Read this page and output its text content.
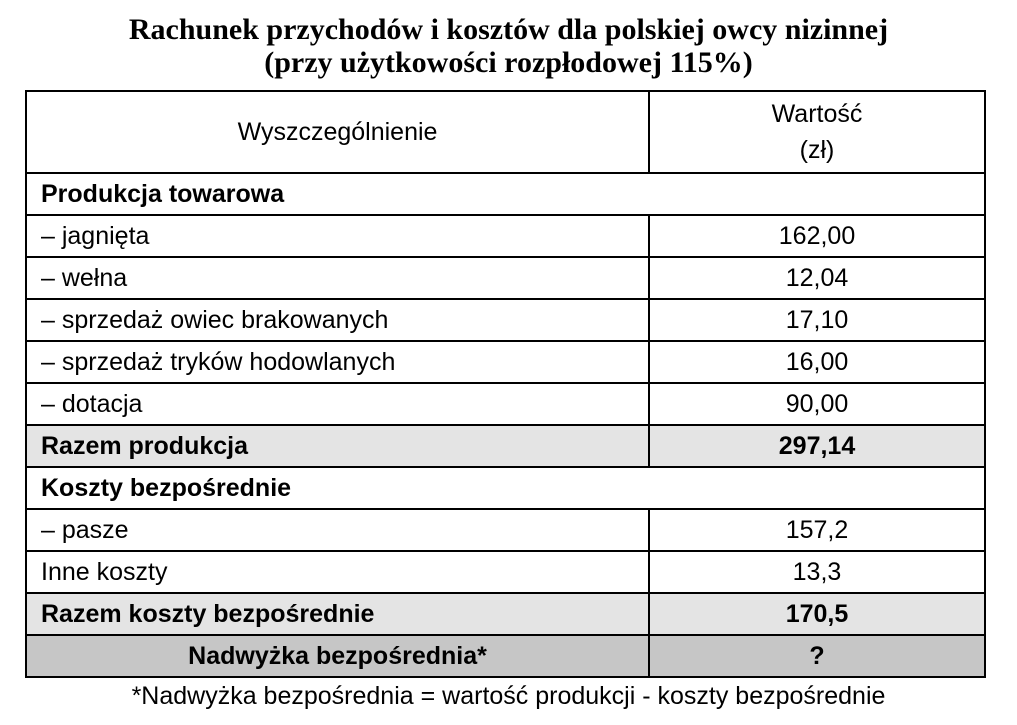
Rachunek przychodów i kosztów dla polskiej owcy nizinnej
(przy użytkowości rozpłodowej 115%)
Wyszczególnienie	Wartość
(zł)
Produkcja towarowa	
– jagnięta	162,00
– wełna	12,04
– sprzedaż owiec brakowanych	17,10
– sprzedaż tryków hodowlanych	16,00
– dotacja	90,00
Razem produkcja	297,14
Koszty bezpośrednie	
– pasze	157,2
Inne koszty	13,3
Razem koszty bezpośrednie	170,5
Nadwyżka bezpośrednia*	?
*Nadwyżka bezpośrednia = wartość produkcji - koszty bezpośrednie
